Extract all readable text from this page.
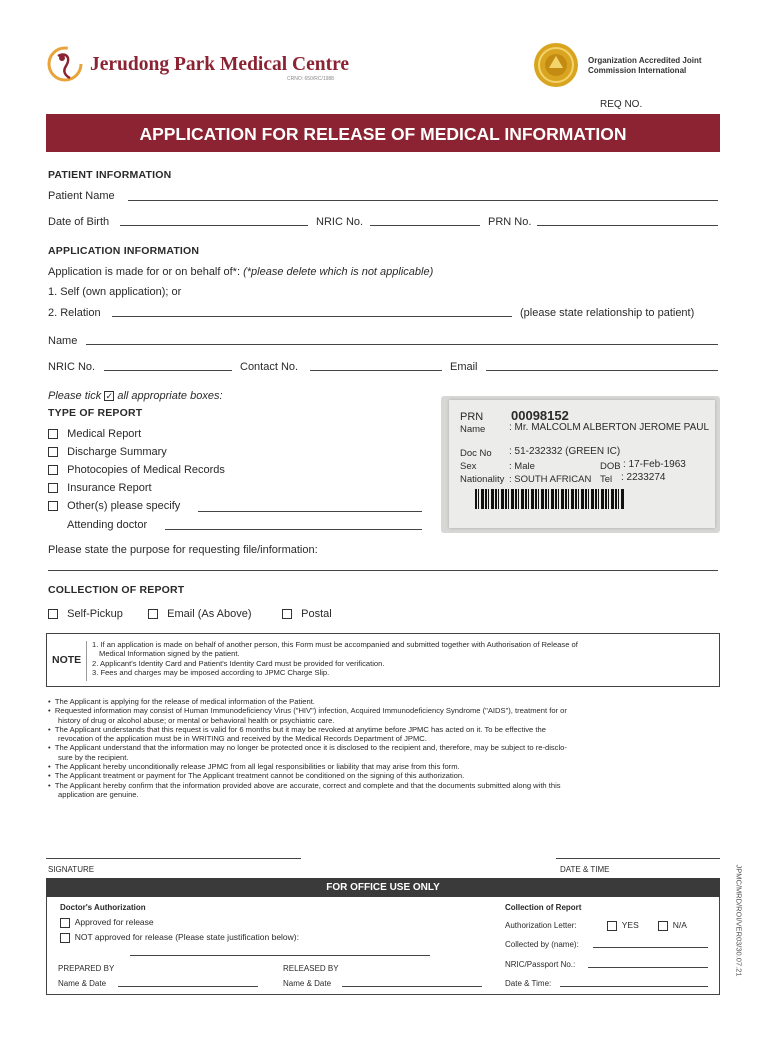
Jerudong Park Medical Centre
CRNO: 650/RC/1988
Organization Accredited Joint Commission International
REQ NO.
APPLICATION FOR RELEASE OF MEDICAL INFORMATION
PATIENT INFORMATION
Patient Name
Date of Birth	NRIC No.	PRN No.
APPLICATION INFORMATION
Application is made for or on behalf of*: (*please delete which is not applicable)
1. Self (own application); or
2. Relation	(please state relationship to patient)
Name
NRIC No.	Contact No.	Email
Please tick ✓ all appropriate boxes:
TYPE OF REPORT
Medical Report
Discharge Summary
Photocopies of Medical Records
Insurance Report
Other(s) please specify
Attending doctor
PRN 00098152
Name : Mr. MALCOLM ALBERTON JEROME PAUL
Doc No : 51-232332 (GREEN IC)
Sex	: Male	DOB : 17-Feb-1963
Nationality : SOUTH AFRICAN Tel : 2233274
Please state the purpose for requesting file/information:
COLLECTION OF REPORT
Self-Pickup	Email (As Above)	Postal
NOTE
1. If an application is made on behalf of another person, this Form must be accompanied and submitted together with Authorisation of Release of
Medical Information signed by the patient.
2. Applicant's Identity Card and Patient's Identity Card must be provided for verification.
3. Fees and charges may be imposed according to JPMC Charge Slip.
•  The Applicant is applying for the release of medical information of the Patient.
•  Requested information may consist of Human Immunodeficiency Virus ("HIV") infection, Acquired Immunodeficiency Syndrome ("AIDS"), treatment for or
history of drug or alcohol abuse; or mental or behavioral health or psychiatric care.
•  The Applicant understands that this request is valid for 6 months but it may be revoked at anytime before JPMC has acted on it. To be effective the
revocation of the application must be in WRITING and received by the Medical Records Department of JPMC.
•  The Applicant understand that the information may no longer be protected once it is disclosed to the recipient and, therefore, may be subject to re-disclo-
sure by the recipient.
•  The Applicant hereby unconditionally release JPMC from all legal responsibilities or liability that may arise from this form.
•  The Applicant treatment or payment for The Applicant treatment cannot be conditioned on the signing of this authorization.
•  The Applicant hereby confirm that the information provided above are accurate, correct and complete and that the documents submitted along with this
application are genuine.
SIGNATURE	DATE & TIME
FOR OFFICE USE ONLY
Doctor's Authorization
Approved for release
NOT approved for release (Please state justification below):
PREPARED BY
Name & Date
RELEASED BY
Name & Date
Collection of Report
Authorization Letter:	YES	N/A
Collected by (name):
NRIC/Passport No.:
Date & Time:
JPMC/MRD/ROI/VER03/30.07.21
